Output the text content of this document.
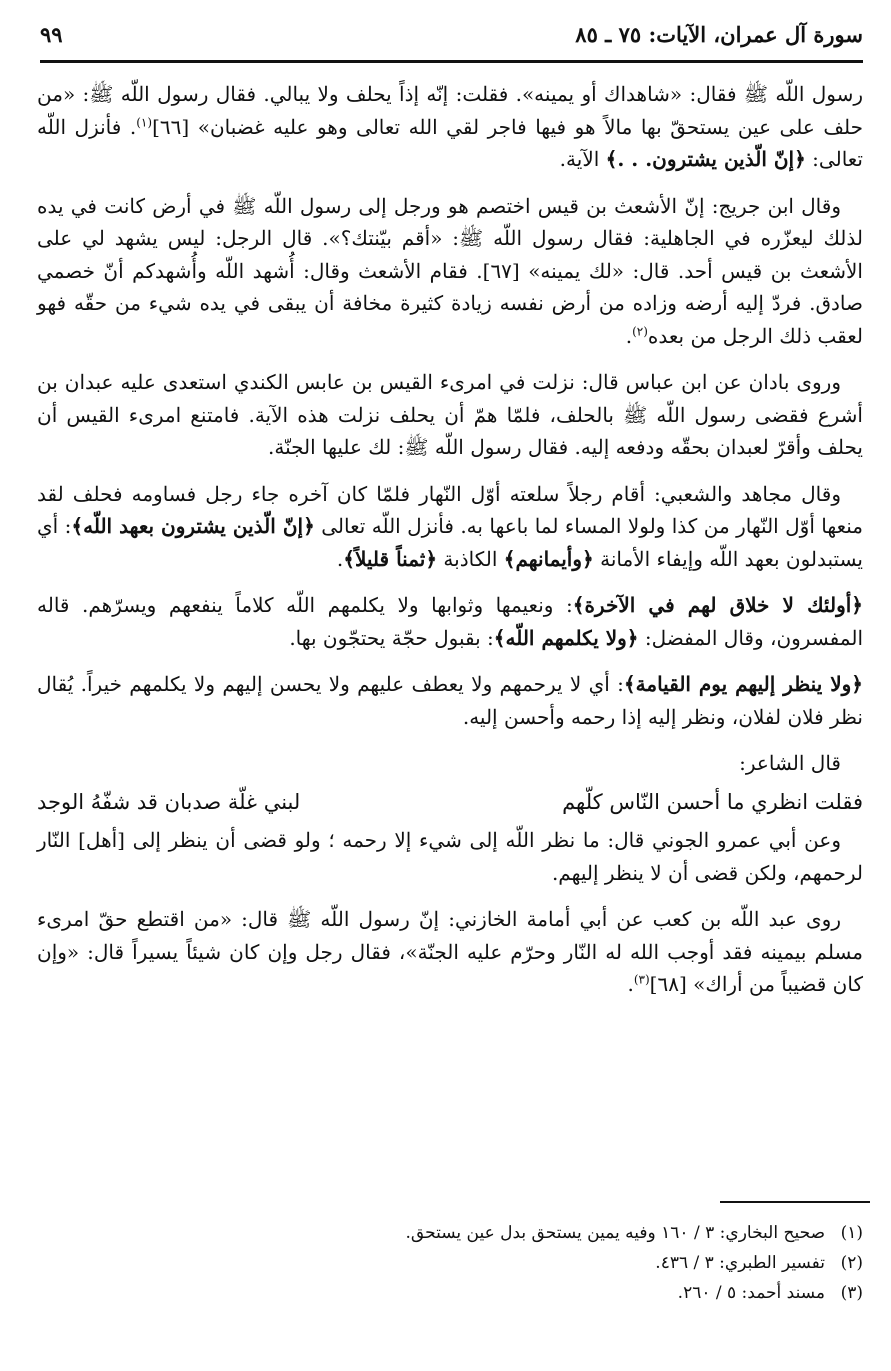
سورة آل عمران، الآيات: ٧٥ ـ ٨٥
٩٩

رسول اللّه ﷺ فقال: «شاهداك أو يمينه». فقلت: إنّه إذاً يحلف ولا يبالي. فقال رسول اللّه ﷺ: «من حلف على عين يستحقّ بها مالاً هو فيها فاجر لقي الله تعالى وهو عليه غضبان» [٦٦]$^{(١)}$. فأنزل اللّه تعالى: ﴿إنّ الّذين يشترون. . .﴾ الآية.

وقال ابن جريج: إنّ الأشعث بن قيس اختصم هو ورجل إلى رسول اللّه ﷺ في أرض كانت في يده لذلك ليعزّره في الجاهلية: فقال رسول اللّه ﷺ: «أقم بيّنتك؟». قال الرجل: ليس يشهد لي على الأشعث بن قيس أحد. قال: «لك يمينه» [٦٧]. فقام الأشعث وقال: أُشهد اللّه وأُشهدكم أنّ خصمي صادق. فردّ إليه أرضه وزاده من أرض نفسه زيادة كثيرة مخافة أن يبقى في يده شيء من حقّه فهو لعقب ذلك الرجل من بعده$^{(٢)}$.

وروى بادان عن ابن عباس قال: نزلت في امرىء القيس بن عابس الكندي استعدى عليه عبدان بن أشرع فقضى رسول اللّه ﷺ بالحلف، فلمّا همّ أن يحلف نزلت هذه الآية. فامتنع امرىء القيس أن يحلف وأقرّ لعبدان بحقّه ودفعه إليه. فقال رسول اللّه ﷺ: لك عليها الجنّة.

وقال مجاهد والشعبي: أقام رجلاً سلعته أوّل النّهار فلمّا كان آخره جاء رجل فساومه فحلف لقد منعها أوّل النّهار من كذا ولولا المساء لما باعها به. فأنزل اللّه تعالى ﴿إنّ الّذين يشترون بعهد اللّه﴾: أي يستبدلون بعهد اللّه وإيفاء الأمانة ﴿وأيمانهم﴾ الكاذبة ﴿ثمناً قليلاً﴾.

﴿أولئك لا خلاق لهم في الآخرة﴾: ونعيمها وثوابها ولا يكلمهم اللّه كلاماً ينفعهم ويسرّهم. قاله المفسرون، وقال المفضل: ﴿ولا يكلمهم اللّه﴾: بقبول حجّة يحتجّون بها.

﴿ولا ينظر إليهم يوم القيامة﴾: أي لا يرحمهم ولا يعطف عليهم ولا يحسن إليهم ولا يكلمهم خيراً. يُقال نظر فلان لفلان، ونظر إليه إذا رحمه وأحسن إليه.

قال الشاعر:

فقلت انظري ما أحسن النّاس كلّهم
لبني غلّة صدبان قد شفّهُ الوجد

وعن أبي عمرو الجوني قال: ما نظر اللّه إلى شيء إلا رحمه ؛ ولو قضى أن ينظر إلى [أهل] النّار لرحمهم، ولكن قضى أن لا ينظر إليهم.

روى عبد اللّه بن كعب عن أبي أمامة الخازني: إنّ رسول اللّه ﷺ قال: «من اقتطع حقّ امرىء مسلم بيمينه فقد أوجب الله له النّار وحرّم عليه الجنّة»، فقال رجل وإن كان شيئاً يسيراً قال: «وإن كان قضيباً من أراك» [٦٨]$^{(٣)}$.

(١)
صحيح البخاري: ٣ / ١٦٠ وفيه يمين يستحق بدل عين يستحق.
(٢)
تفسير الطبري: ٣ / ٤٣٦.
(٣)
مسند أحمد: ٥ / ٢٦٠.
